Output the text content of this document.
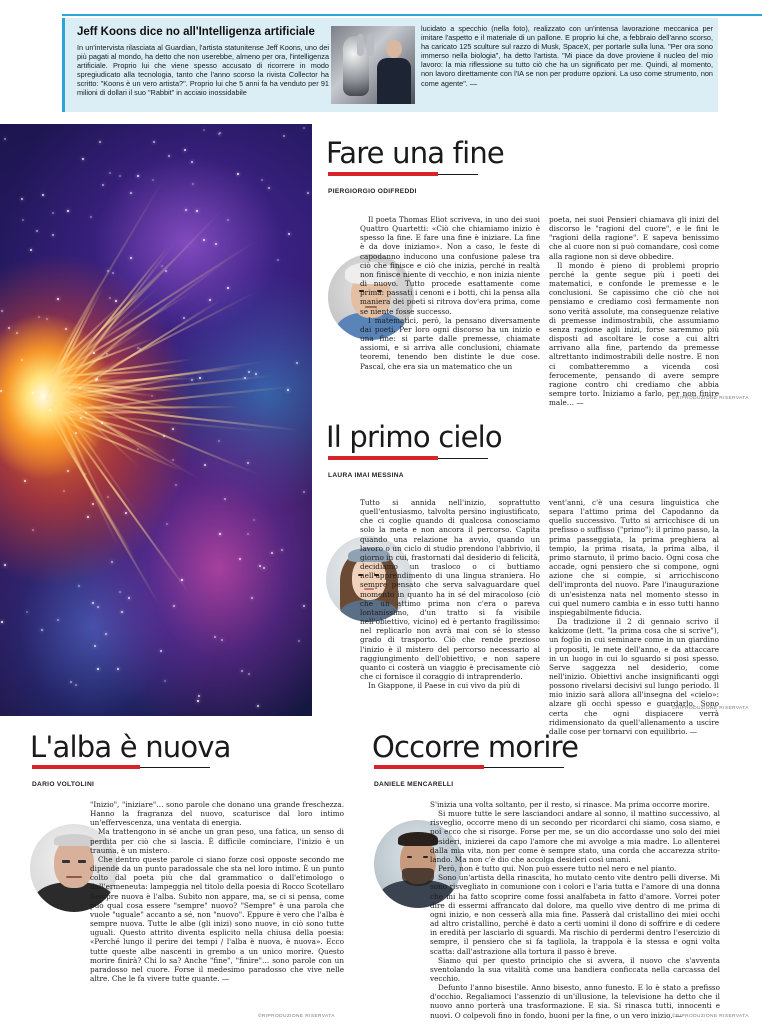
Jeff Koons dice no all'Intelligenza artificiale
In un'intervista rilasciata al Guardian, l'artista statunitense Jeff Koons, uno dei più pagati al mondo, ha detto che non userebbe, almeno per ora, l'intelligenza artificiale. Proprio lui che viene spesso accusato di ricorrere in modo spregiudicato alla tecnologia, tanto che l'anno scorso la rivista Collector ha scritto: "Koons è un vero artista?". Proprio lui che 5 anni fa ha venduto per 91 milioni di dollari il suo "Rabbit" in acciaio inossidabile
lucidato a specchio (nella foto), realizzato con un'intensa lavorazione meccanica per imitare l'aspetto e il materiale di un pallone. E proprio lui che, a febbraio dell'anno scorso, ha caricato 125 sculture sul razzo di Musk, SpaceX, per portarle sulla luna. "Per ora sono immerso nella biologia", ha detto l'artista. "Mi piace da dove proviene il nucleo del mio lavoro: la mia riflessione su tutto ciò che ha un significato per me. Quindi, al momento, non lavoro direttamente con l'IA se non per produrre opzioni. La uso come strumento, non come agente". —
Fare una fine
PIERGIORGIO ODIFREDDI
Il poeta Thomas Eliot scriveva, in uno dei suoi Quattro Quartetti: «Ciò che chiamiamo inizio è spesso la fine. E fare una fine è iniziare. La fine è da dove iniziamo». Non a caso, le feste di capodanno inducono una confusione palese tra ciò che finisce e ciò che inizia, perché in realtà non finisce niente di vecchio, e non inizia niente di nuovo. Tutto procede esattamente come prima: passati i cenoni e i botti, chi la pensa alla maniera dei poeti si ritrova dov'era prima, come se niente fosse successo.
I matematici, però, la pensano diversamente dai poeti. Per loro ogni discorso ha un inizio e una fine: si parte dalle premesse, chiamate assiomi, e si arriva alle conclusioni, chiamate teoremi, tenendo ben distinte le due cose. Pascal, che era sia un matematico che un
poeta, nei suoi Pensieri chiamava gli inizi del discorso le "ragioni del cuore", e le fini le "ragioni della ragione". E sapeva benissimo che al cuore non si può comandare, così come alla ragione non si deve obbedire.
Il mondo è pieno di problemi proprio perché la gente segue più i poeti dei matematici, e confonde le premesse e le conclusioni. Se capissimo che ciò che noi pensiamo e crediamo così fermamente non sono verità assolute, ma conseguenze relative di premesse indimostrabili, che assumiamo senza ragione agli inizi, forse saremmo più disposti ad ascoltare le cose a cui altri arrivano alla fine, partendo da premesse altrettanto indimostrabili delle nostre. E non ci combatteremmo a vicenda così ferocemente, pensando di avere sempre ragione contro chi crediamo che abbia sempre torto. Iniziamo a farlo, per non finire male… —	©RIPRODUZIONE RISERVATA
Il primo cielo
LAURA IMAI MESSINA
Tutto si annida nell'inizio, soprattutto quell'entusiasmo, talvolta persino ingiustificato, che ci coglie quando di qualcosa conosciamo solo la meta e non ancora il percorso. Capita quando una relazione ha avvio, quando un lavoro o un ciclo di studio prendono l'abbrivio, il giorno in cui, frastornati dal desiderio di felicità, decidiamo un trasloco o ci buttiamo nell'apprendimento di una lingua straniera. Ho sempre pensato che serva salvaguardare quel momento in quanto ha in sé del miracoloso (ciò che un attimo prima non c'era o pareva lontanissimo, d'un tratto si fa visibile nell'obiettivo, vicino) ed è pertanto fragilissimo: nel replicarlo non avrà mai con sé lo stesso grado di trasporto. Ciò che rende prezioso l'inizio è il mistero del percorso necessario al raggiungimento dell'obiettivo, e non sapere quanto ci costerà un viaggio è precisamente ciò che ci fornisce il coraggio di intraprenderlo.
In Giappone, il Paese in cui vivo da più di
vent'anni, c'è una cesura linguistica che separa l'attimo prima del Capodanno da quello successivo. Tutto si arricchisce di un prefisso o suffisso ("primo"): il primo passo, la prima passeggiata, la prima preghiera al tempio, la prima risata, la prima alba, il primo starnuto, il primo bacio. Ogni cosa che accade, ogni pensiero che si compone, ogni azione che si compie, si arricchiscono dell'impronta del nuovo. Pare l'inaugurazione di un'esistenza nata nel momento stesso in cui quel numero cambia e in esso tutti hanno inspiegabilmente fiducia.
Da tradizione il 2 di gennaio scrivo il kakizome (lett. "la prima cosa che si scrive"), un foglio in cui seminare come in un giardino i propositi, le mete dell'anno, e da attaccare in un luogo in cui lo sguardo si posi spesso. Serve saggezza nel desiderio, come nell'inizio. Obiettivi anche insignificanti oggi possono rivelarsi decisivi sul lungo periodo. Il mio inizio sarà allora all'insegna del «cielo»: alzare gli occhi spesso e guardarlo. Sono certa che ogni dispiacere verrà ridimensionato da quell'allenamento a uscire dalle cose per tornarvi con equilibrio. —
©RIPRODUZIONE RISERVATA
L'alba è nuova
DARIO VOLTOLINI
"Inizio", "iniziare"… sono parole che donano una grande freschezza. Hanno la fragranza del nuovo, scaturisce dal loro intimo un'effervescenza, una ventata di energia.
Ma trattengono in sé anche un gran peso, una fatica, un senso di perdita per ciò che si lascia. È difficile cominciare, l'inizio è un trauma, è un mistero.
Che dentro queste parole ci siano forze così opposte secondo me dipende da un punto paradossale che sta nel loro intimo. È un punto colto dal poeta più che dal grammatico o dall'etimologo o dall'ermeneuta: lampeggia nel titolo della poesia di Rocco Scotellaro Sempre nuova è l'alba. Subito non appare, ma, se ci si pensa, come può qual cosa essere "sempre" nuovo? "Sempre" è una parola che vuole "uguale" accanto a sé, non "nuovo". Eppure è vero che l'alba è sempre nuova. Tutte le albe (gli inizi) sono nuove, in ciò sono tutte uguali. Questo attrito diventa esplicito nella chiusa della poesia: «Perché lungo il perire dei tempi / l'alba è nuova, è nuova». Ecco tutte queste albe nascenti in grembo a un unico morire. Questo morire finirà? Chi lo sa? Anche "fine", "finire"… sono parole con un paradosso nel cuore. Forse il medesimo paradosso che vive nelle altre. Che le fa vivere tutte quante. —
©RIPRODUZIONE RISERVATA
Occorre morire
DANIELE MENCARELLI
S'inizia una volta soltanto, per il resto, si rinasce. Ma prima occorre morire.
Si muore tutte le sere lasciandoci andare al sonno, il mattino successivo, al risveglio, occorre meno di un secondo per ricordarci chi siamo, cosa siamo, e poi ecco che si risorge. Forse per me, se un dio accordasse uno solo dei miei desideri, inizierei da capo l'amore che mi avvolge a mia madre. Lo allenterei dalla mia vita, non per come è sempre stato, una corda che accarezza stritolando. Ma non c'è dio che accolga desideri così umani.
Però, non è tutto qui. Non può essere tutto nel nero e nel pianto.
Sono un'artista della rinascita, ho mutato cento vite dentro pelli diverse. Mi sono risvegliato in comunione con i colori e l'aria tutta e l'amore di una donna che mi ha fatto scoprire come fossi analfabeta in fatto d'amore. Vorrei poter dire di essermi affrancato dal dolore, ma quello vive dentro di me prima di ogni inizio, e non cesserà alla mia fine. Passerà dal cristallino dei miei occhi ad altro cristallino, perché è dato a certi uomini il dono di soffrire e di cedere in eredità per lasciarlo di sguardi. Ma rischio di perdermi dentro l'esercizio di sempre, il pensiero che si fa tagliola, la trappola è la stessa e ogni volta scatta: dall'astrazione alla tortura il passo è breve.
Siamo qui per questo principio che si avvera, il nuovo che s'avventa sventolando la sua vitalità come una bandiera conficcata nella carcassa del vecchio.
Defunto l'anno bisestile. Anno bisesto, anno funesto. E lo è stato a prefisso d'occhio. Regaliamoci l'assenzio di un'illusione, la televisione ha detto che il nuovo anno porterà una trasformazione. E sia. Si rinasca tutti, innocenti e nuovi. O colpevoli fino in fondo, buoni per la fine, o un vero inizio. —
©RIPRODUZIONE RISERVATA
